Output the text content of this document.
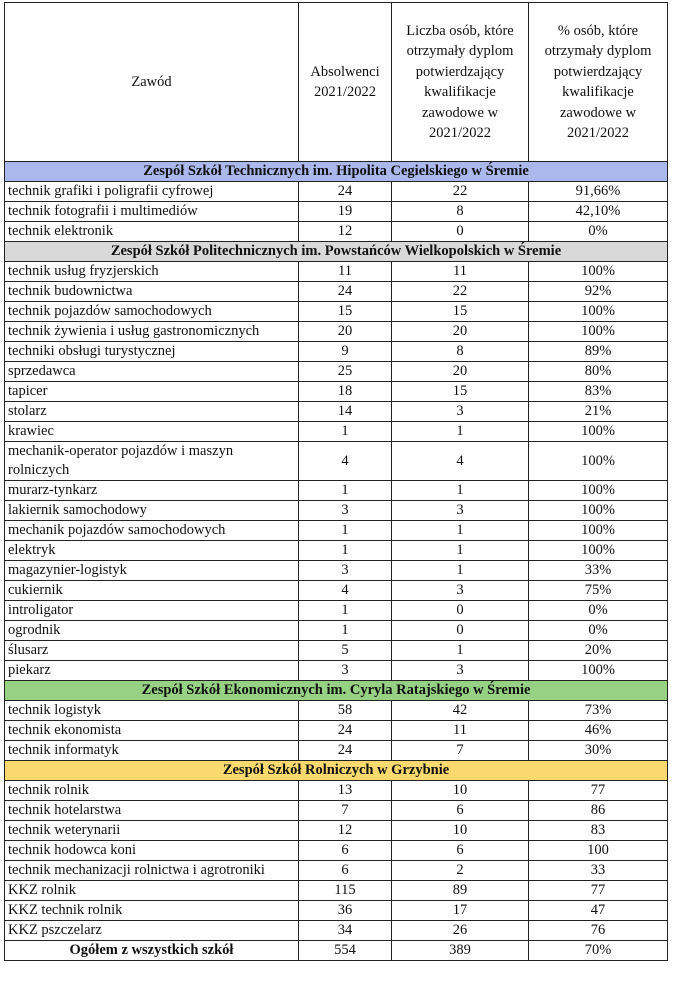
Zawód	Absolwenci 2021/2022	Liczba osób, które otrzymały dyplom potwierdzający kwalifikacje zawodowe w 2021/2022	% osób, które otrzymały dyplom potwierdzający kwalifikacje zawodowe w 2021/2022
Zespół Szkół Technicznych im. Hipolita Cegielskiego w Śremie			
technik grafiki i poligrafii cyfrowej	24	22	91,66%
technik fotografii i multimediów	19	8	42,10%
technik elektronik	12	0	0%
Zespół Szkół Politechnicznych im. Powstańców Wielkopolskich w Śremie			
technik usług fryzjerskich	11	11	100%
technik budownictwa	24	22	92%
technik pojazdów samochodowych	15	15	100%
technik żywienia i usług gastronomicznych	20	20	100%
techniki obsługi turystycznej	9	8	89%
sprzedawca	25	20	80%
tapicer	18	15	83%
stolarz	14	3	21%
krawiec	1	1	100%
mechanik-operator pojazdów i maszyn rolniczych	4	4	100%
murarz-tynkarz	1	1	100%
lakiernik samochodowy	3	3	100%
mechanik pojazdów samochodowych	1	1	100%
elektryk	1	1	100%
magazynier-logistyk	3	1	33%
cukiernik	4	3	75%
introligator	1	0	0%
ogrodnik	1	0	0%
ślusarz	5	1	20%
piekarz	3	3	100%
Zespół Szkół Ekonomicznych im. Cyryla Ratajskiego w Śremie			
technik logistyk	58	42	73%
technik ekonomista	24	11	46%
technik informatyk	24	7	30%
Zespół Szkół Rolniczych w Grzybnie			
technik rolnik	13	10	77
technik hotelarstwa	7	6	86
technik weterynarii	12	10	83
technik hodowca koni	6	6	100
technik mechanizacji rolnictwa i agrotroniki	6	2	33
KKZ rolnik	115	89	77
KKZ technik rolnik	36	17	47
KKZ pszczelarz	34	26	76
Ogółem z wszystkich szkół	554	389	70%
